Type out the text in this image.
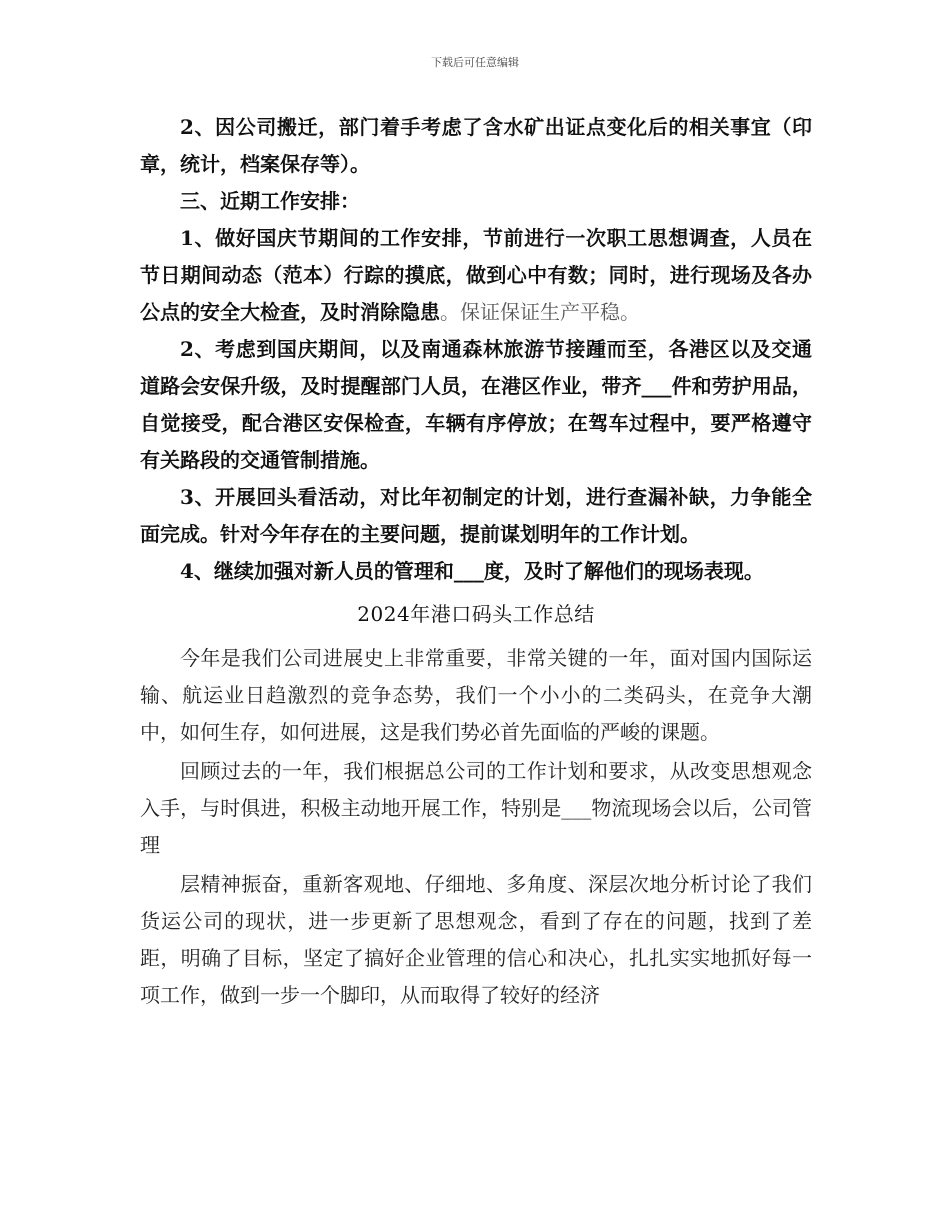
下载后可任意编辑

2、因公司搬迁，部门着手考虑了含水矿出证点变化后的相关事宜（印章，统计，档案保存等）。

三、近期工作安排：

1、做好国庆节期间的工作安排，节前进行一次职工思想调查，人员在节日期间动态（范本）行踪的摸底，做到心中有数；同时，进行现场及各办公点的安全大检查，及时消除隐患。保证保证生产平稳。

2、考虑到国庆期间，以及南通森林旅游节接踵而至，各港区以及交通道路会安保升级，及时提醒部门人员，在港区作业，带齐___件和劳护用品，自觉接受，配合港区安保检查，车辆有序停放；在驾车过程中，要严格遵守有关路段的交通管制措施。

3、开展回头看活动，对比年初制定的计划，进行查漏补缺，力争能全面完成。针对今年存在的主要问题，提前谋划明年的工作计划。

4、继续加强对新人员的管理和___度，及时了解他们的现场表现。

2024年港口码头工作总结

今年是我们公司进展史上非常重要，非常关键的一年，面对国内国际运输、航运业日趋激烈的竞争态势，我们一个小小的二类码头，在竞争大潮中，如何生存，如何进展，这是我们势必首先面临的严峻的课题。

回顾过去的一年，我们根据总公司的工作计划和要求，从改变思想观念入手，与时俱进，积极主动地开展工作，特别是___物流现场会以后，公司管理

层精神振奋，重新客观地、仔细地、多角度、深层次地分析讨论了我们货运公司的现状，进一步更新了思想观念，看到了存在的问题，找到了差距，明确了目标，坚定了搞好企业管理的信心和决心，扎扎实实地抓好每一项工作，做到一步一个脚印，从而取得了较好的经济
